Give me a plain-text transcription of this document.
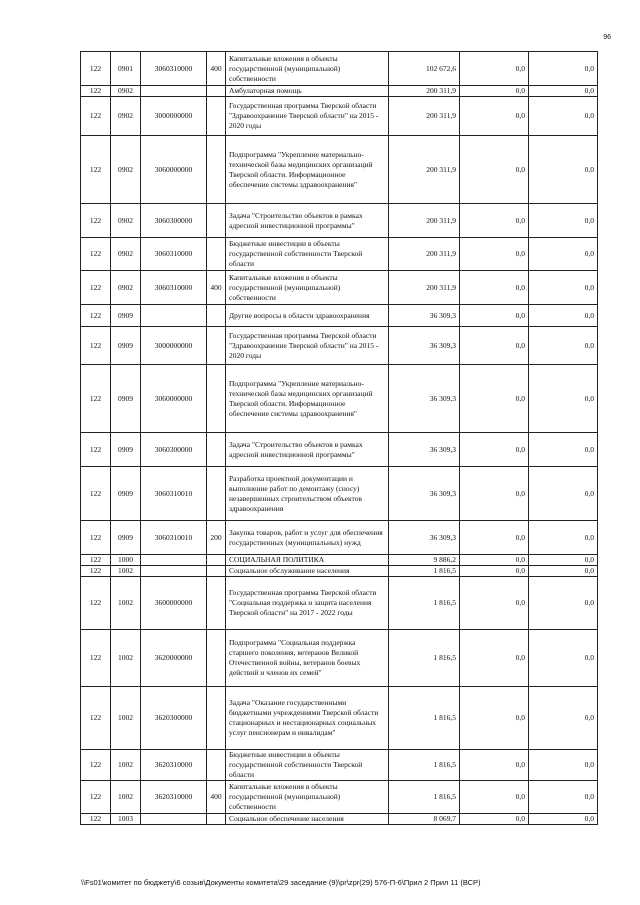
96
122	0901	3060310000	400	Капитальные вложения в объекты государственной (муниципальной) собственности	102 672,6	0,0	0,0
122	0902			Амбулаторная помощь	200 311,9	0,0	0,0
122	0902	3000000000		Государственная программа Тверской области "Здравоохранение Тверской области" на 2015 - 2020 годы	200 311,9	0,0	0,0
122	0902	3060000000		Подпрограмма "Укрепление материально-технической базы медицинских организаций Тверской области. Информационное обеспечение системы здравоохранения"	200 311,9	0,0	0,0
122	0902	3060300000		Задача "Строительство объектов в рамках адресной инвестиционной программы"	200 311,9	0,0	0,0
122	0902	3060310000		Бюджетные инвестиции в объекты государственной собственности Тверской области	200 311,9	0,0	0,0
122	0902	3060310000	400	Капитальные вложения в объекты государственной (муниципальной) собственности	200 311,9	0,0	0,0
122	0909			Другие вопросы в области здравоохранения	36 309,3	0,0	0,0
122	0909	3000000000		Государственная программа Тверской области "Здравоохранение Тверской области" на 2015 - 2020 годы	36 309,3	0,0	0,0
122	0909	3060000000		Подпрограмма "Укрепление материально-технической базы медицинских организаций Тверской области. Информационное обеспечение системы здравоохранения"	36 309,3	0,0	0,0
122	0909	3060300000		Задача "Строительство объектов в рамках адресной инвестиционной программы"	36 309,3	0,0	0,0
122	0909	3060310010		Разработка проектной документации и выполнение работ по демонтажу (сносу) незавершенных строительством объектов здравоохранения	36 309,3	0,0	0,0
122	0909	3060310010	200	Закупка товаров, работ и услуг для обеспечения государственных (муниципальных) нужд	36 309,3	0,0	0,0
122	1000			СОЦИАЛЬНАЯ ПОЛИТИКА	9 886,2	0,0	0,0
122	1002			Социальное обслуживание населения	1 816,5	0,0	0,0
122	1002	3600000000		Государственная программа Тверской области "Социальная поддержка и защита населения Тверской области" на 2017 - 2022 годы	1 816,5	0,0	0,0
122	1002	3620000000		Подпрограмма "Социальная поддержка старшего поколения, ветеранов Великой Отечественной войны, ветеранов боевых действий и членов их семей"	1 816,5	0,0	0,0
122	1002	3620300000		Задача "Оказание государственными бюджетными учреждениями Тверской области стационарных и нестационарных социальных услуг пенсионерам и инвалидам"	1 816,5	0,0	0,0
122	1002	3620310000		Бюджетные инвестиции в объекты государственной собственности Тверской области	1 816,5	0,0	0,0
122	1002	3620310000	400	Капитальные вложения в объекты государственной (муниципальной) собственности	1 816,5	0,0	0,0
122	1003			Социальное обеспечение населения	8 069,7	0,0	0,0
\\Fs01\комитет по бюджету\6 созыв\Документы комитета\29 заседание (9)\pr\zpr(29) 576-П-6\Прил 2 Прил 11 (ВСР)
